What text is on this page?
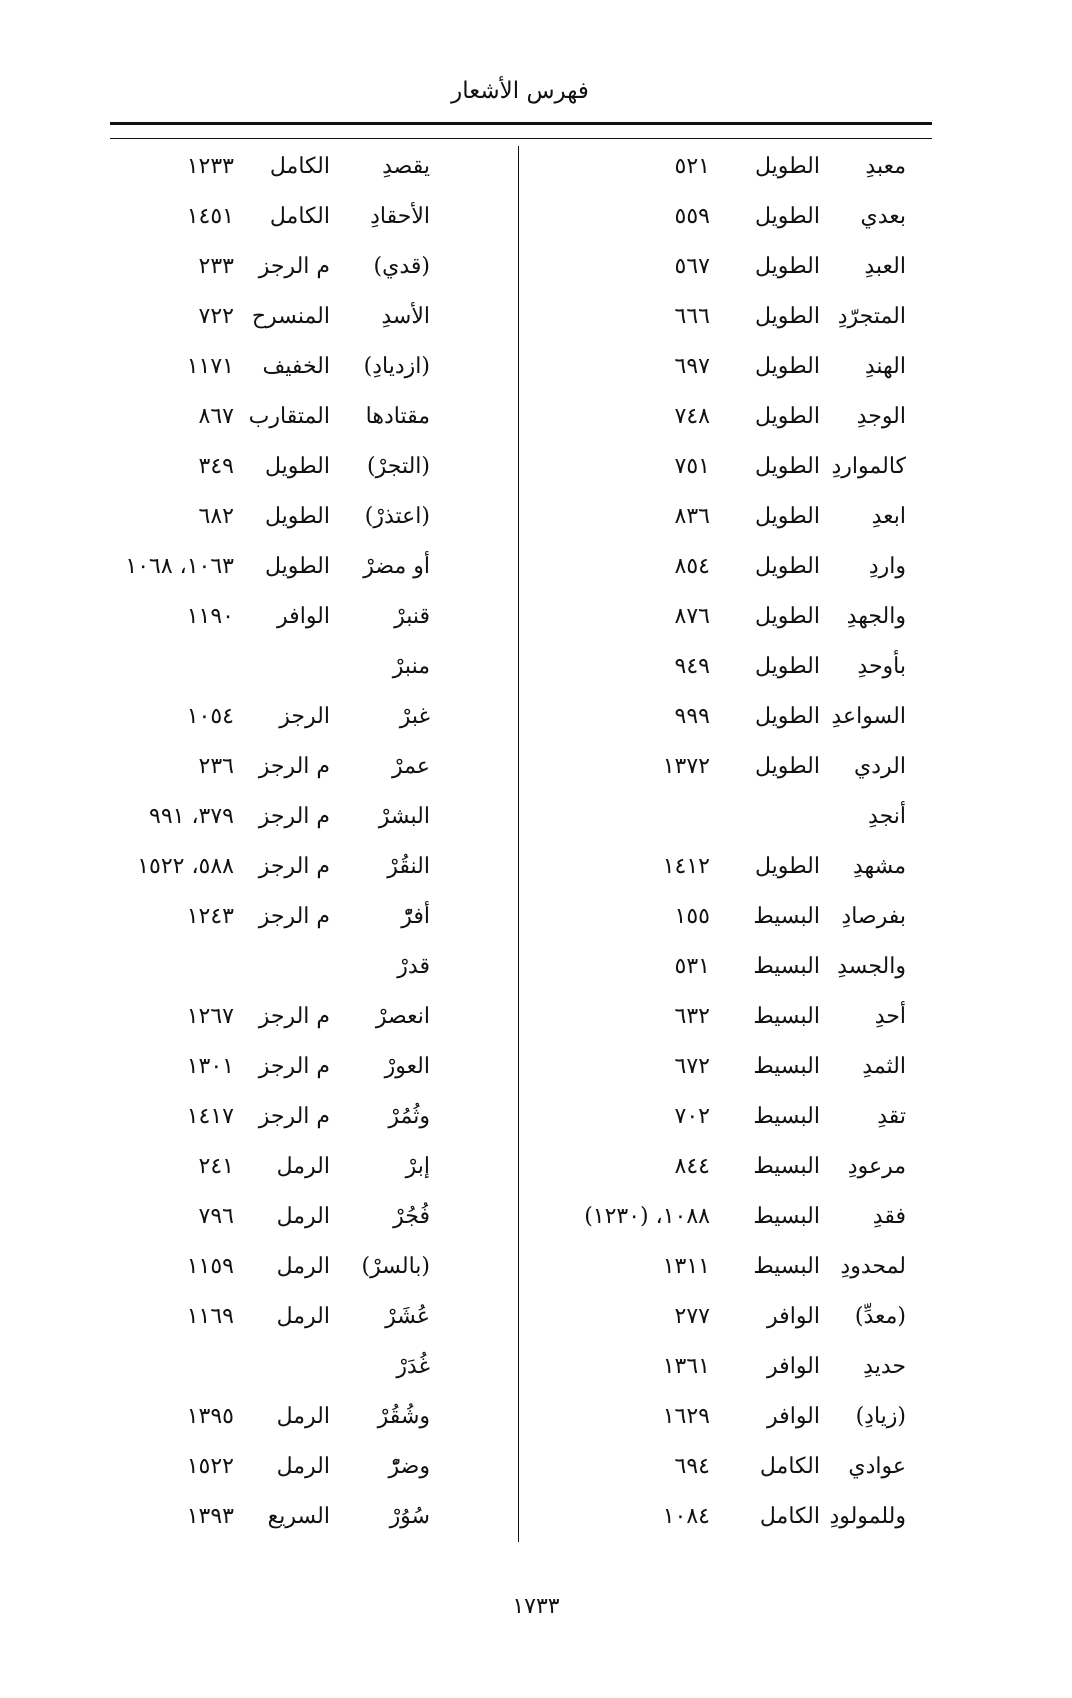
فهرس الأشعار
معبدِ
الطويل
٥٢١
بعدي
الطويل
٥٥٩
العبدِ
الطويل
٥٦٧
المتجرّدِ
الطويل
٦٦٦
الهندِ
الطويل
٦٩٧
الوجدِ
الطويل
٧٤٨
كالمواردِ
الطويل
٧٥١
ابعدِ
الطويل
٨٣٦
واردِ
الطويل
٨٥٤
والجهدِ
الطويل
٨٧٦
بأوحدِ
الطويل
٩٤٩
السواعدِ
الطويل
٩٩٩
الردي
الطويل
١٣٧٢
أنجدِ
مشهدِ
الطويل
١٤١٢
بفرصادِ
البسيط
١٥٥
والجسدِ
البسيط
٥٣١
أحدِ
البسيط
٦٣٢
الثمدِ
البسيط
٦٧٢
تقدِ
البسيط
٧٠٢
مرعودِ
البسيط
٨٤٤
فقدِ
البسيط
١٠٨٨، (١٢٣٠)
لمحدودِ
البسيط
١٣١١
(معدِّ)
الوافر
٢٧٧
حديدِ
الوافر
١٣٦١
(زيادِ)
الوافر
١٦٢٩
عوادي
الكامل
٦٩٤
وللمولودِ
الكامل
١٠٨٤
يقصدِ
الكامل
١٢٣٣
الأحقادِ
الكامل
١٤٥١
(قدي)
م الرجز
٢٣٣
الأسدِ
المنسرح
٧٢٢
(ازديادِ)
الخفيف
١١٧١
مقتادها
المتقارب
٨٦٧
(التجرْ)
الطويل
٣٤٩
(اعتذرْ)
الطويل
٦٨٢
أو مضرْ
الطويل
١٠٦٣، ١٠٦٨
قنبرْ
الوافر
١١٩٠
منبرْ
غبرْ
الرجز
١٠٥٤
عمرْ
م الرجز
٢٣٦
البشرْ
م الرجز
٣٧٩، ٩٩١
النقُرْ
م الرجز
٥٨٨، ١٥٢٢
أفرّْ
م الرجز
١٢٤٣
قدرْ
انعصرْ
م الرجز
١٢٦٧
العورْ
م الرجز
١٣٠١
وثُمُرْ
م الرجز
١٤١٧
إبرْ
الرمل
٢٤١
فُجُرْ
الرمل
٧٩٦
(بالسرْ)
الرمل
١١٥٩
عُشَرْ
الرمل
١١٦٩
غُدَرْ
وشُقُرْ
الرمل
١٣٩٥
وضرّْ
الرمل
١٥٢٢
سُوُرْ
السريع
١٣٩٣
١٧٣٣
